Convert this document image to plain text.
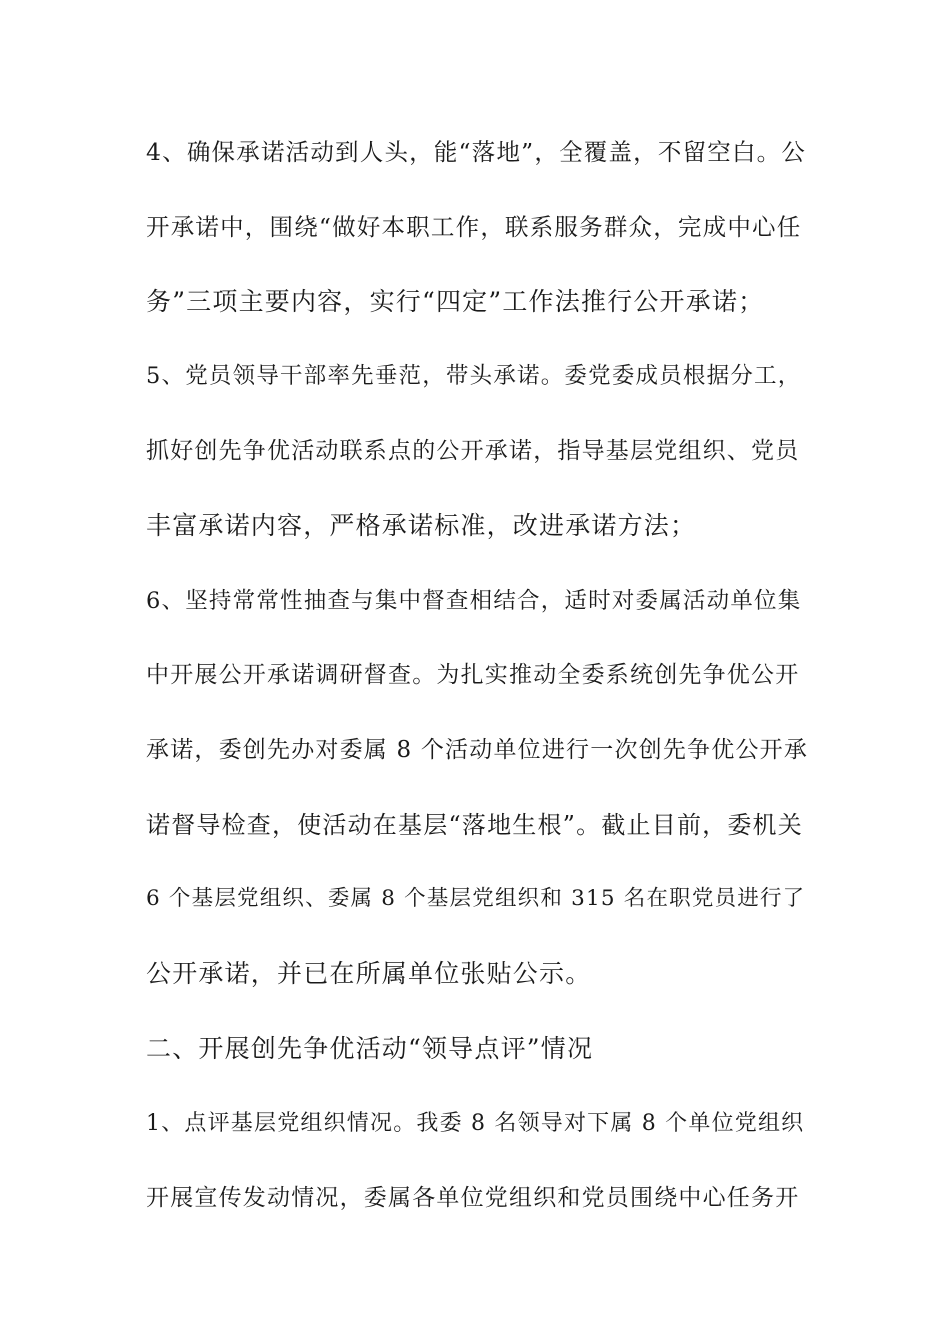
4、确保承诺活动到人头，能“落地”，全覆盖，不留空白。公
开承诺中，围绕“做好本职工作，联系服务群众，完成中心任
务”三项主要内容，实行“四定”工作法推行公开承诺；
5、党员领导干部率先垂范，带头承诺。委党委成员根据分工，
抓好创先争优活动联系点的公开承诺，指导基层党组织、党员
丰富承诺内容，严格承诺标准，改进承诺方法；
6、坚持常常性抽查与集中督查相结合，适时对委属活动单位集
中开展公开承诺调研督查。为扎实推动全委系统创先争优公开
承诺，委创先办对委属 8 个活动单位进行一次创先争优公开承
诺督导检查，使活动在基层“落地生根”。截止目前，委机关
6 个基层党组织、委属 8 个基层党组织和 315 名在职党员进行了
公开承诺，并已在所属单位张贴公示。
二、开展创先争优活动“领导点评”情况
1、点评基层党组织情况。我委 8 名领导对下属 8 个单位党组织
开展宣传发动情况，委属各单位党组织和党员围绕中心任务开
